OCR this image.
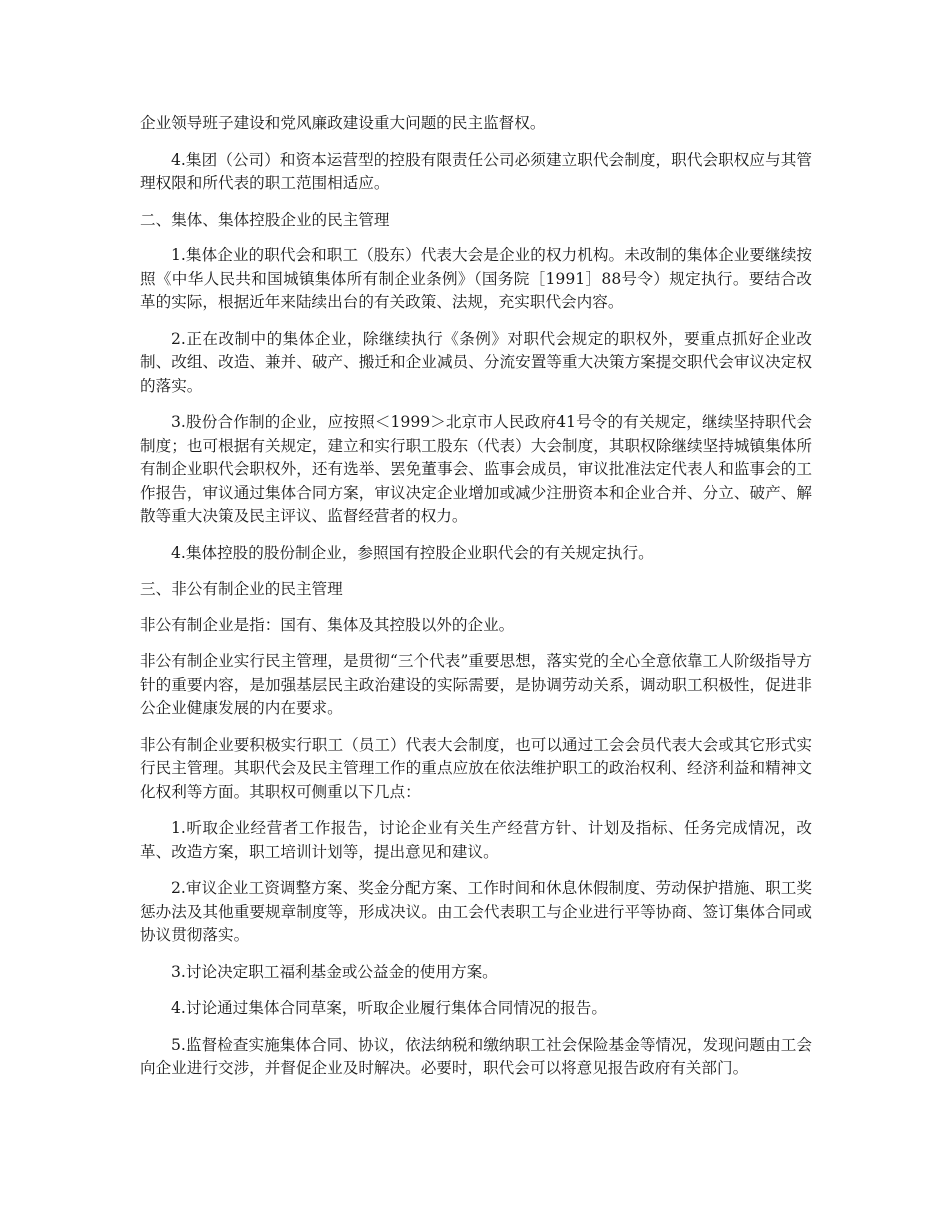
企业领导班子建设和党风廉政建设重大问题的民主监督权。

4.集团（公司）和资本运营型的控股有限责任公司必须建立职代会制度，职代会职权应与其管理权限和所代表的职工范围相适应。

二、集体、集体控股企业的民主管理

1.集体企业的职代会和职工（股东）代表大会是企业的权力机构。未改制的集体企业要继续按照《中华人民共和国城镇集体所有制企业条例》（国务院［1991］88号令）规定执行。要结合改革的实际，根据近年来陆续出台的有关政策、法规，充实职代会内容。

2.正在改制中的集体企业，除继续执行《条例》对职代会规定的职权外，要重点抓好企业改制、改组、改造、兼并、破产、搬迁和企业减员、分流安置等重大决策方案提交职代会审议决定权的落实。

3.股份合作制的企业，应按照＜1999＞北京市人民政府41号令的有关规定，继续坚持职代会制度；也可根据有关规定，建立和实行职工股东（代表）大会制度，其职权除继续坚持城镇集体所有制企业职代会职权外，还有选举、罢免董事会、监事会成员，审议批准法定代表人和监事会的工作报告，审议通过集体合同方案，审议决定企业增加或减少注册资本和企业合并、分立、破产、解散等重大决策及民主评议、监督经营者的权力。

4.集体控股的股份制企业，参照国有控股企业职代会的有关规定执行。

三、非公有制企业的民主管理

非公有制企业是指：国有、集体及其控股以外的企业。

非公有制企业实行民主管理，是贯彻“三个代表”重要思想，落实党的全心全意依靠工人阶级指导方针的重要内容，是加强基层民主政治建设的实际需要，是协调劳动关系，调动职工积极性，促进非公企业健康发展的内在要求。

非公有制企业要积极实行职工（员工）代表大会制度，也可以通过工会会员代表大会或其它形式实行民主管理。其职代会及民主管理工作的重点应放在依法维护职工的政治权利、经济利益和精神文化权利等方面。其职权可侧重以下几点：

1.听取企业经营者工作报告，讨论企业有关生产经营方针、计划及指标、任务完成情况，改革、改造方案，职工培训计划等，提出意见和建议。

2.审议企业工资调整方案、奖金分配方案、工作时间和休息休假制度、劳动保护措施、职工奖惩办法及其他重要规章制度等，形成决议。由工会代表职工与企业进行平等协商、签订集体合同或协议贯彻落实。

3.讨论决定职工福利基金或公益金的使用方案。

4.讨论通过集体合同草案，听取企业履行集体合同情况的报告。

5.监督检查实施集体合同、协议，依法纳税和缴纳职工社会保险基金等情况，发现问题由工会向企业进行交涉，并督促企业及时解决。必要时，职代会可以将意见报告政府有关部门。
